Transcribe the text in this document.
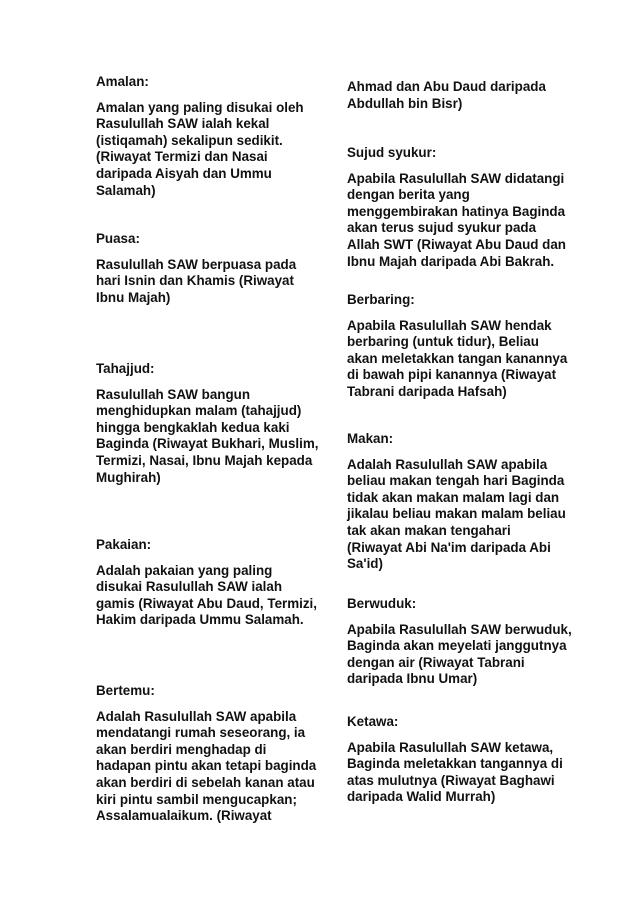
Amalan:

Amalan yang paling disukai oleh
Rasulullah SAW ialah kekal
(istiqamah) sekalipun sedikit.
(Riwayat Termizi dan Nasai
daripada Aisyah dan Ummu
Salamah)

Puasa:

Rasulullah SAW berpuasa pada
hari Isnin dan Khamis (Riwayat
Ibnu Majah)

Tahajjud:

Rasulullah SAW bangun
menghidupkan malam (tahajjud)
hingga bengkaklah kedua kaki
Baginda (Riwayat Bukhari, Muslim,
Termizi, Nasai, Ibnu Majah kepada
Mughirah)

Pakaian:

Adalah pakaian yang paling
disukai Rasulullah SAW ialah
gamis (Riwayat Abu Daud, Termizi,
Hakim daripada Ummu Salamah.

Bertemu:

Adalah Rasulullah SAW apabila
mendatangi rumah seseorang, ia
akan berdiri menghadap di
hadapan pintu akan tetapi baginda
akan berdiri di sebelah kanan atau
kiri pintu sambil mengucapkan;
Assalamualaikum. (Riwayat

Ahmad dan Abu Daud daripada
Abdullah bin Bisr)

Sujud syukur:

Apabila Rasulullah SAW didatangi
dengan berita yang
menggembirakan hatinya Baginda
akan terus sujud syukur pada
Allah SWT (Riwayat Abu Daud dan
Ibnu Majah daripada Abi Bakrah.

Berbaring:

Apabila Rasulullah SAW hendak
berbaring (untuk tidur), Beliau
akan meletakkan tangan kanannya
di bawah pipi kanannya (Riwayat
Tabrani daripada Hafsah)

Makan:

Adalah Rasulullah SAW apabila
beliau makan tengah hari Baginda
tidak akan makan malam lagi dan
jikalau beliau makan malam beliau
tak akan makan tengahari
(Riwayat Abi Na'im daripada Abi
Sa'id)

Berwuduk:

Apabila Rasulullah SAW berwuduk,
Baginda akan meyelati janggutnya
dengan air (Riwayat Tabrani
daripada Ibnu Umar)

Ketawa:

Apabila Rasulullah SAW ketawa,
Baginda meletakkan tangannya di
atas mulutnya (Riwayat Baghawi
daripada Walid Murrah)
